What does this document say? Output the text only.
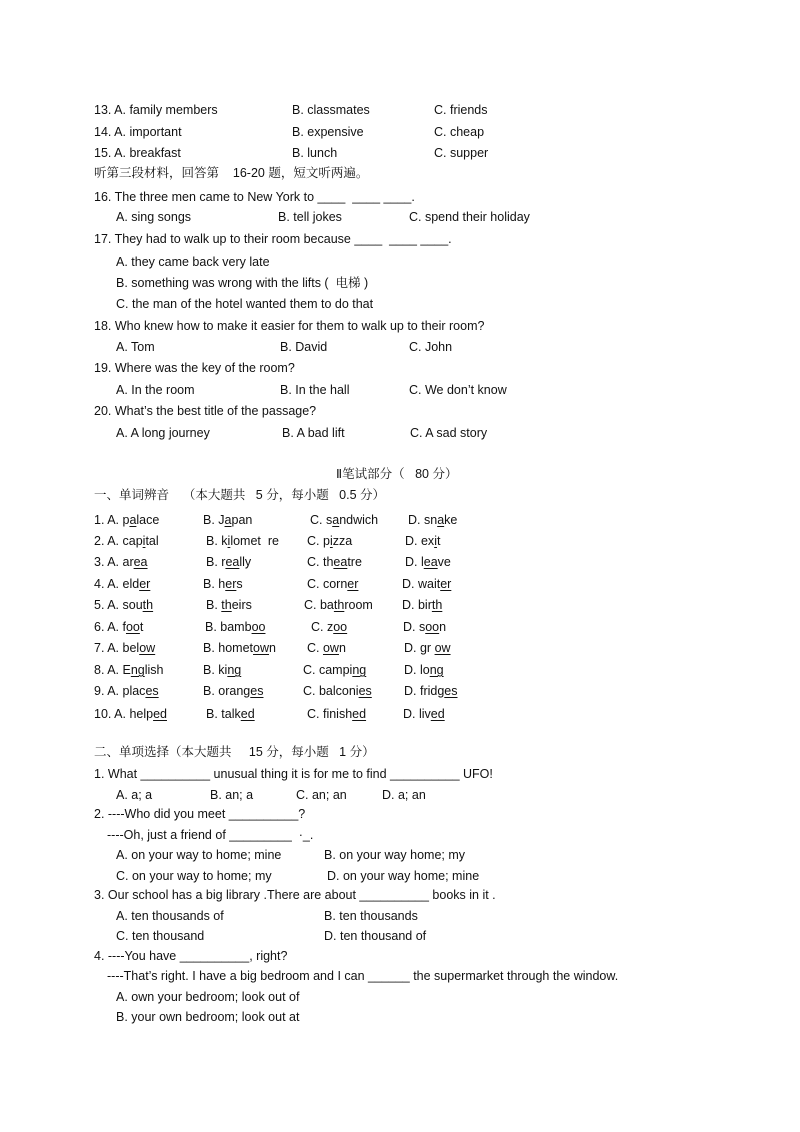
13. A. family members	B. classmates	C. friends
14. A. important	B. expensive	C. cheap
15. A. breakfast	B. lunch	C. supper
听第三段材料，回答第    16-20 题，短文听两遍。
16. The three men came to New York to ____  ____ ____.
A. sing songs	B. tell jokes	C. spend their holiday
17. They had to walk up to their room because ____  ____ ____.
A. they came back very late
B. something was wrong with the lifts (  电梯 )
C. the man of the hotel wanted them to do that
18. Who knew how to make it easier for them to walk up to their room?
A. Tom	B. David	C. John
19. Where was the key of the room?
A. In the room	B. In the hall	C. We don’t know
20. What’s the best title of the passage?
A. A long journey	B. A bad lift	C. A sad story
Ⅱ笔试部分（   80 分）
一、单词辨音    （本大题共   5 分，每小题   0.5 分）
1. A. palace	B. Japan	C. sandwich D. snake
2. A. capital	B. kilomet  re C. pizza	D. exit
3. A. area	B. really	C. theatre	D. leave
4. A. elder	B. hers	C. corner	D. waiter
5. A. south	B. theirs	C. bathroom D. birth
6. A. foot	B. bamboo	C. zoo	D. soon
7. A. below	B. hometown C. own	D. gr ow
8. A. English	B. king	C. camping	D. long
9. A. places	B. oranges	C. balconies	D. fridges
10. A. helped	B. talked	C. finished	D. lived
二、单项选择（本大题共     15 分，每小题   1 分）
1. What __________ unusual thing it is for me to find __________ UFO!
A. a; a	B. an; a	C. an; an	D. a; an
2. ----Who did you meet __________?
----Oh, just a friend of _________  ·_.
A. on your way to home; mine	B. on your way home; my
C. on your way to home; my	D. on your way home; mine
3. Our school has a big library .There are about __________ books in it .
A. ten thousands of	B. ten thousands
C. ten thousand	D. ten thousand of
4. ----You have __________, right?
----That’s right. I have a big bedroom and I can ______ the supermarket through the window.
A. own your bedroom; look out of
B. your own bedroom; look out at
